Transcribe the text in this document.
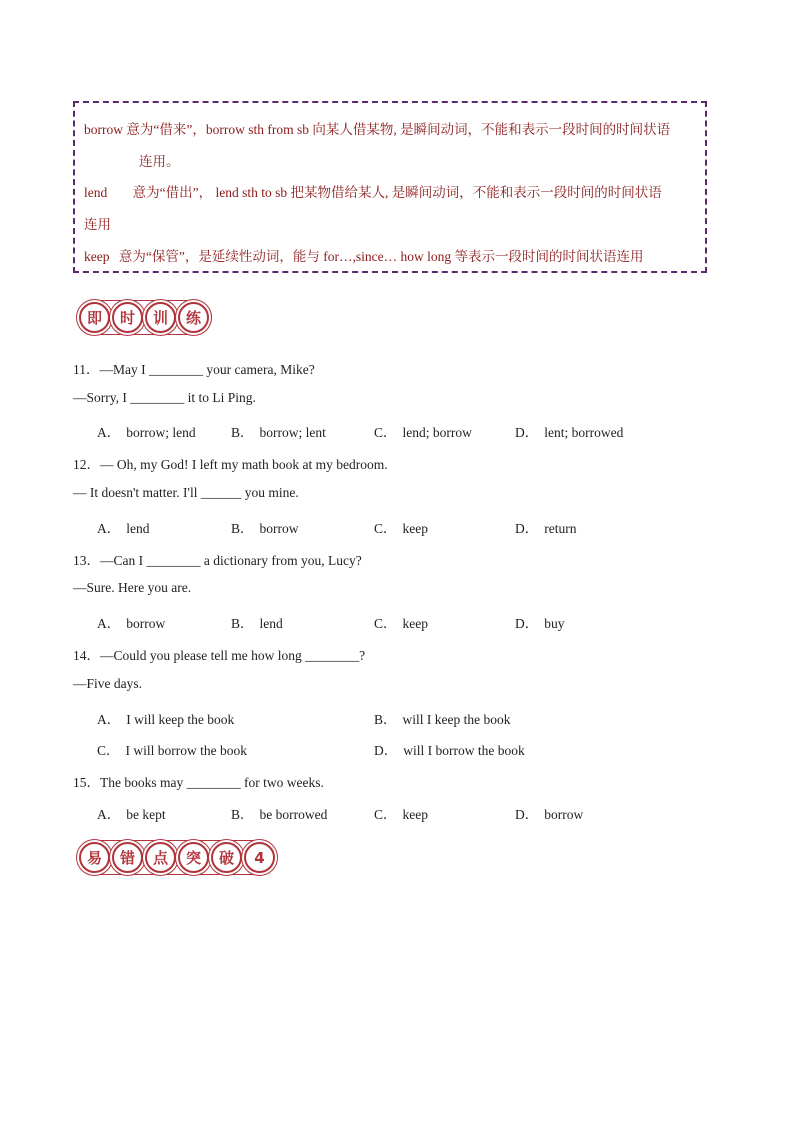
borrow 意为“借来”，borrow sth from sb 向某人借某物, 是瞬间动词，不能和表示一段时间的时间状语
连用。
lend 意为“借出”， lend sth to sb 把某物借给某人, 是瞬间动词，不能和表示一段时间的时间状语
连用
keep 意为“保管”，是延续性动词，能与 for…,since… how long 等表示一段时间的时间状语连用
即	时	训	练
11．—May I ________ your camera, Mike?
—Sorry, I ________ it to Li Ping.
A． borrow; lend	B． borrow; lent	C． lend; borrow	D． lent; borrowed
12．— Oh, my God! I left my math book at my bedroom.
— It doesn't matter. I'll ______ you mine.
A． lend	B． borrow	C． keep	D． return
13．—Can I ________ a dictionary from you, Lucy?
—Sure. Here you are.
A． borrow	B． lend	C． keep	D． buy
14．—Could you please tell me how long ________?
—Five days.
A． I will keep the book	B． will I keep the book
C． I will borrow the book	D． will I borrow the book
15．The books may ________ for two weeks.
A． be kept	B． be borrowed	C． keep	D． borrow
易	错	点	突	破	4
